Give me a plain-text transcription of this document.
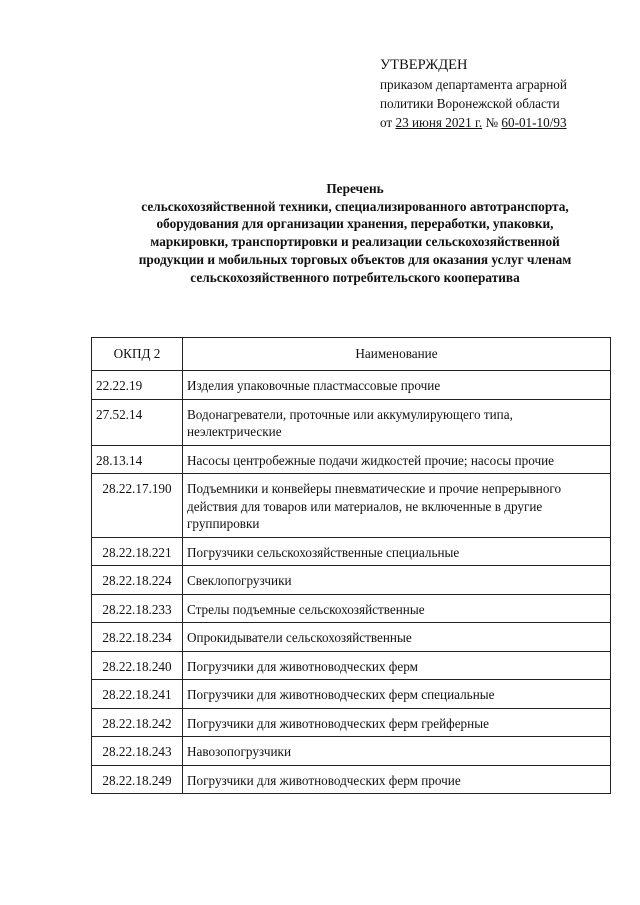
УТВЕРЖДЕН
приказом департамента аграрной
политики Воронежской области
от 23 июня 2021 г. № 60-01-10/93
Перечень
сельскохозяйственной техники, специализированного автотранспорта,
оборудования для организации хранения, переработки, упаковки,
маркировки, транспортировки и реализации сельскохозяйственной
продукции и мобильных торговых объектов для оказания услуг членам
сельскохозяйственного потребительского кооператива
ОКПД 2	Наименование
22.22.19	Изделия упаковочные пластмассовые прочие
27.52.14	Водонагреватели, проточные или аккумулирующего типа, неэлектрические
28.13.14	Насосы центробежные подачи жидкостей прочие; насосы прочие
28.22.17.190	Подъемники и конвейеры пневматические и прочие непрерывного действия для товаров или материалов, не включенные в другие группировки
28.22.18.221	Погрузчики сельскохозяйственные специальные
28.22.18.224	Свеклопогрузчики
28.22.18.233	Стрелы подъемные сельскохозяйственные
28.22.18.234	Опрокидыватели сельскохозяйственные
28.22.18.240	Погрузчики для животноводческих ферм
28.22.18.241	Погрузчики для животноводческих ферм специальные
28.22.18.242	Погрузчики для животноводческих ферм грейферные
28.22.18.243	Навозопогрузчики
28.22.18.249	Погрузчики для животноводческих ферм прочие
